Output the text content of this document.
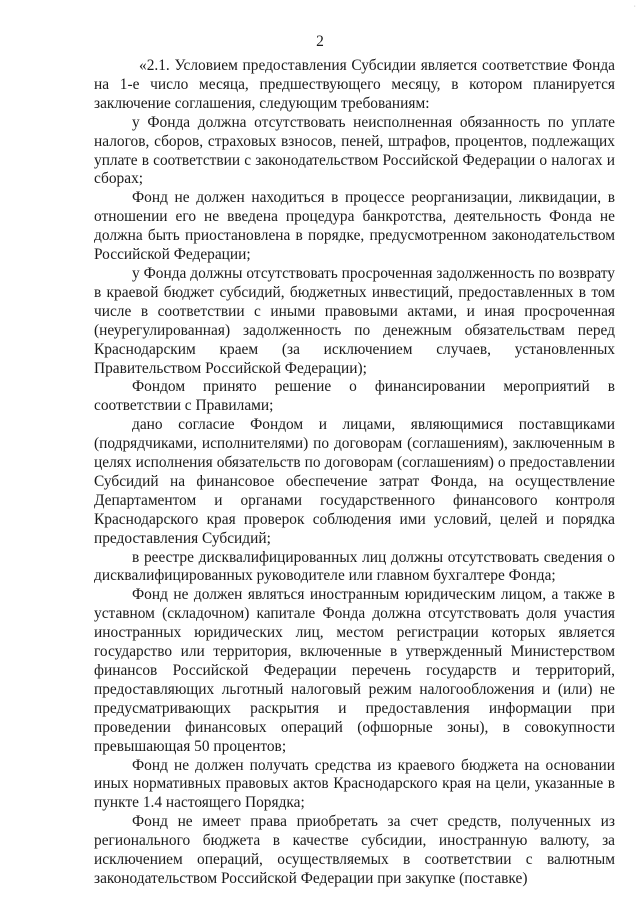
·
2

«2.1. Условием предоставления Субсидии является соответствие Фонда на 1-е число месяца, предшествующего месяцу, в котором планируется заключение соглашения, следующим требованиям:

у Фонда должна отсутствовать неисполненная обязанность по уплате налогов, сборов, страховых взносов, пеней, штрафов, процентов, подлежащих уплате в соответствии с законодательством Российской Федерации о налогах и сборах;

Фонд не должен находиться в процессе реорганизации, ликвидации, в отношении его не введена процедура банкротства, деятельность Фонда не должна быть приостановлена в порядке, предусмотренном законодательством Российской Федерации;

у Фонда должны отсутствовать просроченная задолженность по возврату в краевой бюджет субсидий, бюджетных инвестиций, предоставленных в том числе в соответствии с иными правовыми актами, и иная просроченная (неурегулированная) задолженность по денежным обязательствам перед Краснодарским краем (за исключением случаев, установленных Правительством Российской Федерации);

Фондом принято решение о финансировании мероприятий в соответствии с Правилами;

дано согласие Фондом и лицами, являющимися поставщиками (подрядчиками, исполнителями) по договорам (соглашениям), заключенным в целях исполнения обязательств по договорам (соглашениям) о предоставлении Субсидий на финансовое обеспечение затрат Фонда, на осуществление Департаментом и органами государственного финансового контроля Краснодарского края проверок соблюдения ими условий, целей и порядка предоставления Субсидий;

в реестре дисквалифицированных лиц должны отсутствовать сведения о дисквалифицированных руководителе или главном бухгалтере Фонда;

Фонд не должен являться иностранным юридическим лицом, а также в уставном (складочном) капитале Фонда должна отсутствовать доля участия иностранных юридических лиц, местом регистрации которых является государство или территория, включенные в утвержденный Министерством финансов Российской Федерации перечень государств и территорий, предоставляющих льготный налоговый режим налогообложения и (или) не предусматривающих раскрытия и предоставления информации при проведении финансовых операций (офшорные зоны), в совокупности превышающая 50 процентов;

Фонд не должен получать средства из краевого бюджета на основании иных нормативных правовых актов Краснодарского края на цели, указанные в пункте 1.4 настоящего Порядка;

Фонд не имеет права приобретать за счет средств, полученных из регионального бюджета в качестве субсидии, иностранную валюту, за исключением операций, осуществляемых в соответствии с валютным законодательством Российской Федерации при закупке (поставке)
